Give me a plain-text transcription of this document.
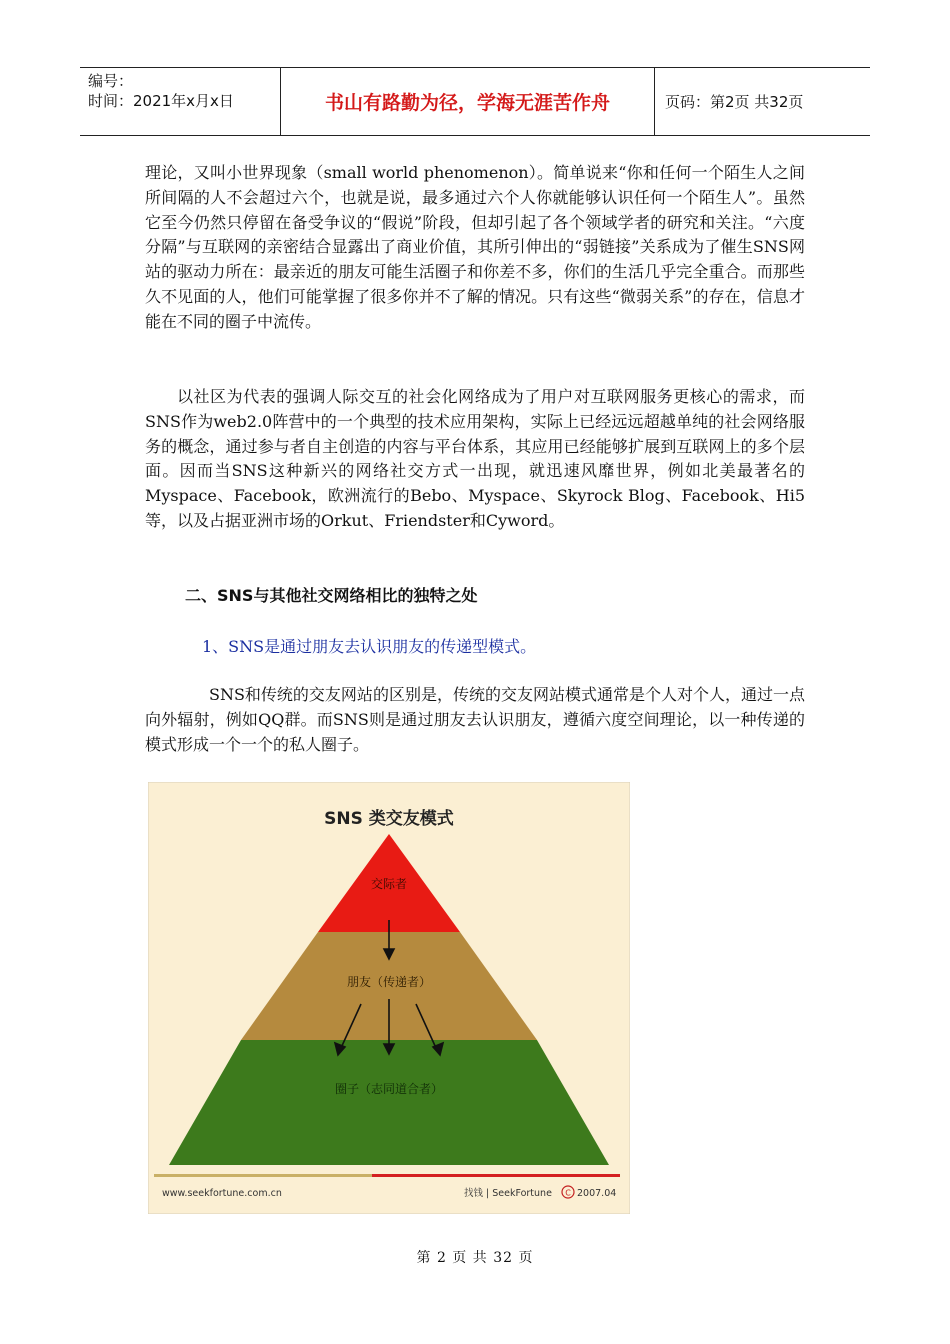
编号：
时间：2021年x月x日	书山有路勤为径，学海无涯苦作舟	页码：第2页 共32页

理论，又叫小世界现象（small world phenomenon）。简单说来“你和任何一个陌生人之间所间隔的人不会超过六个，也就是说，最多通过六个人你就能够认识任何一个陌生人”。虽然它至今仍然只停留在备受争议的“假说”阶段，但却引起了各个领域学者的研究和关注。“六度分隔”与互联网的亲密结合显露出了商业价值，其所引伸出的“弱链接”关系成为了催生SNS网站的驱动力所在：最亲近的朋友可能生活圈子和你差不多，你们的生活几乎完全重合。而那些久不见面的人，他们可能掌握了很多你并不了解的情况。只有这些“微弱关系”的存在，信息才能在不同的圈子中流传。

以社区为代表的强调人际交互的社会化网络成为了用户对互联网服务更核心的需求，而SNS作为web2.0阵营中的一个典型的技术应用架构，实际上已经远远超越单纯的社会网络服务的概念，通过参与者自主创造的内容与平台体系，其应用已经能够扩展到互联网上的多个层面。因而当SNS这种新兴的网络社交方式一出现，就迅速风靡世界，例如北美最著名的Myspace、Facebook，欧洲流行的Bebo、Myspace、Skyrock Blog、Facebook、Hi5等，以及占据亚洲市场的Orkut、Friendster和Cyword。

二、SNS与其他社交网络相比的独特之处
1、SNS是通过朋友去认识朋友的传递型模式。

SNS和传统的交友网站的区别是，传统的交友网站模式通常是个人对个人，通过一点向外辐射，例如QQ群。而SNS则是通过朋友去认识朋友，遵循六度空间理论，以一种传递的模式形成一个一个的私人圈子。

SNS 类交友模式
交际者
朋友（传递者）
圈子（志同道合者）
www.seekfortune.com.cn	找钱 | SeekFortune C 2007.04
第 2 页 共 32 页
